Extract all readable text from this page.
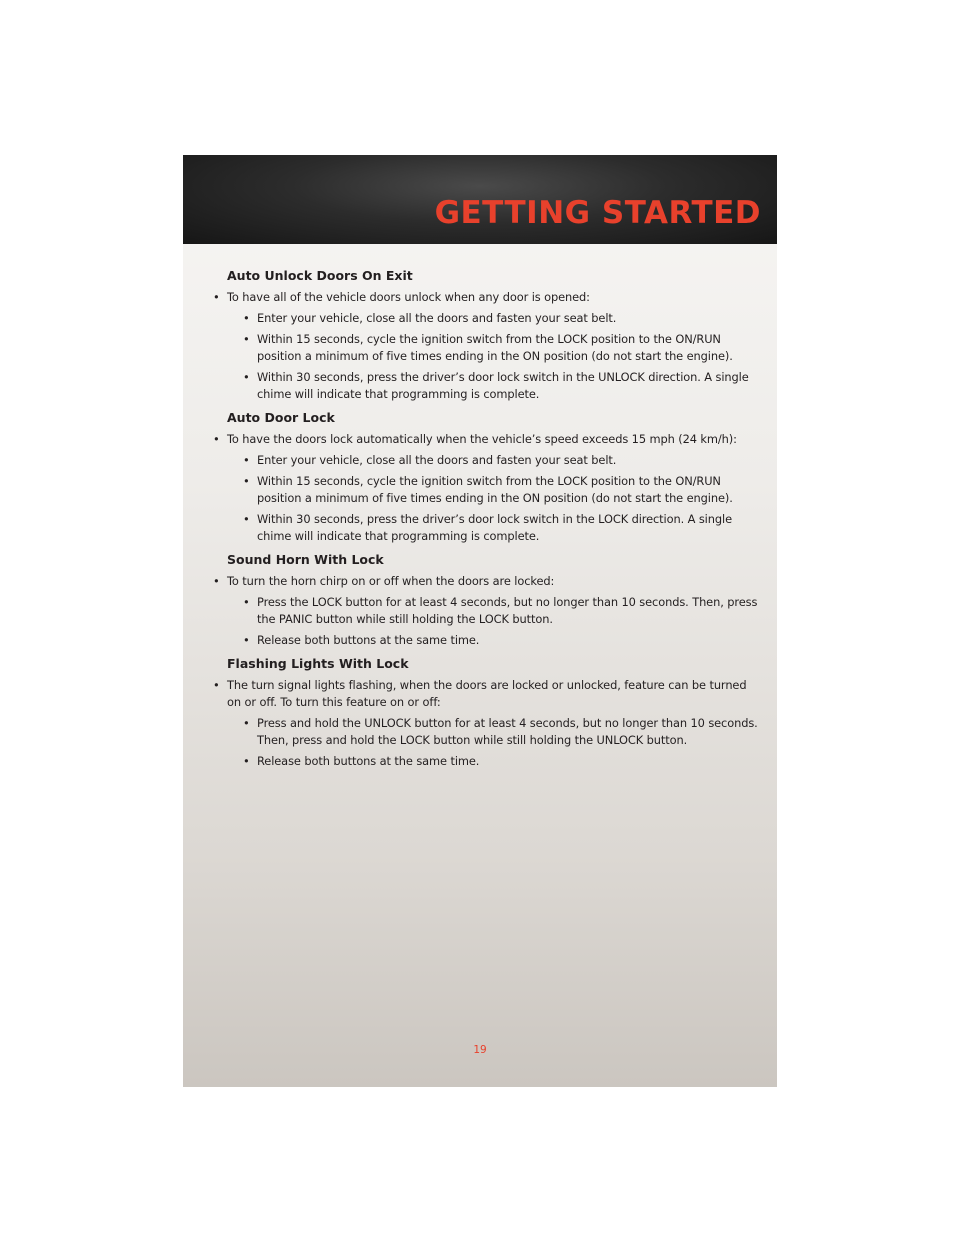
GETTING STARTED
Auto Unlock Doors On Exit

• To have all of the vehicle doors unlock when any door is opened:

• Enter your vehicle, close all the doors and fasten your seat belt.

• Within 15 seconds, cycle the ignition switch from the LOCK position to the ON/RUN position a minimum of five times ending in the ON position (do not start the engine).

• Within 30 seconds, press the driver’s door lock switch in the UNLOCK direction. A single chime will indicate that programming is complete.

Auto Door Lock

• To have the doors lock automatically when the vehicle’s speed exceeds 15 mph (24 km/h):

• Enter your vehicle, close all the doors and fasten your seat belt.

• Within 15 seconds, cycle the ignition switch from the LOCK position to the ON/RUN position a minimum of five times ending in the ON position (do not start the engine).

• Within 30 seconds, press the driver’s door lock switch in the LOCK direction. A single chime will indicate that programming is complete.

Sound Horn With Lock

• To turn the horn chirp on or off when the doors are locked:

• Press the LOCK button for at least 4 seconds, but no longer than 10 seconds. Then, press the PANIC button while still holding the LOCK button.

• Release both buttons at the same time.

Flashing Lights With Lock

• The turn signal lights flashing, when the doors are locked or unlocked, feature can be turned on or off. To turn this feature on or off:

• Press and hold the UNLOCK button for at least 4 seconds, but no longer than 10 seconds. Then, press and hold the LOCK button while still holding the UNLOCK button.

• Release both buttons at the same time.

19
